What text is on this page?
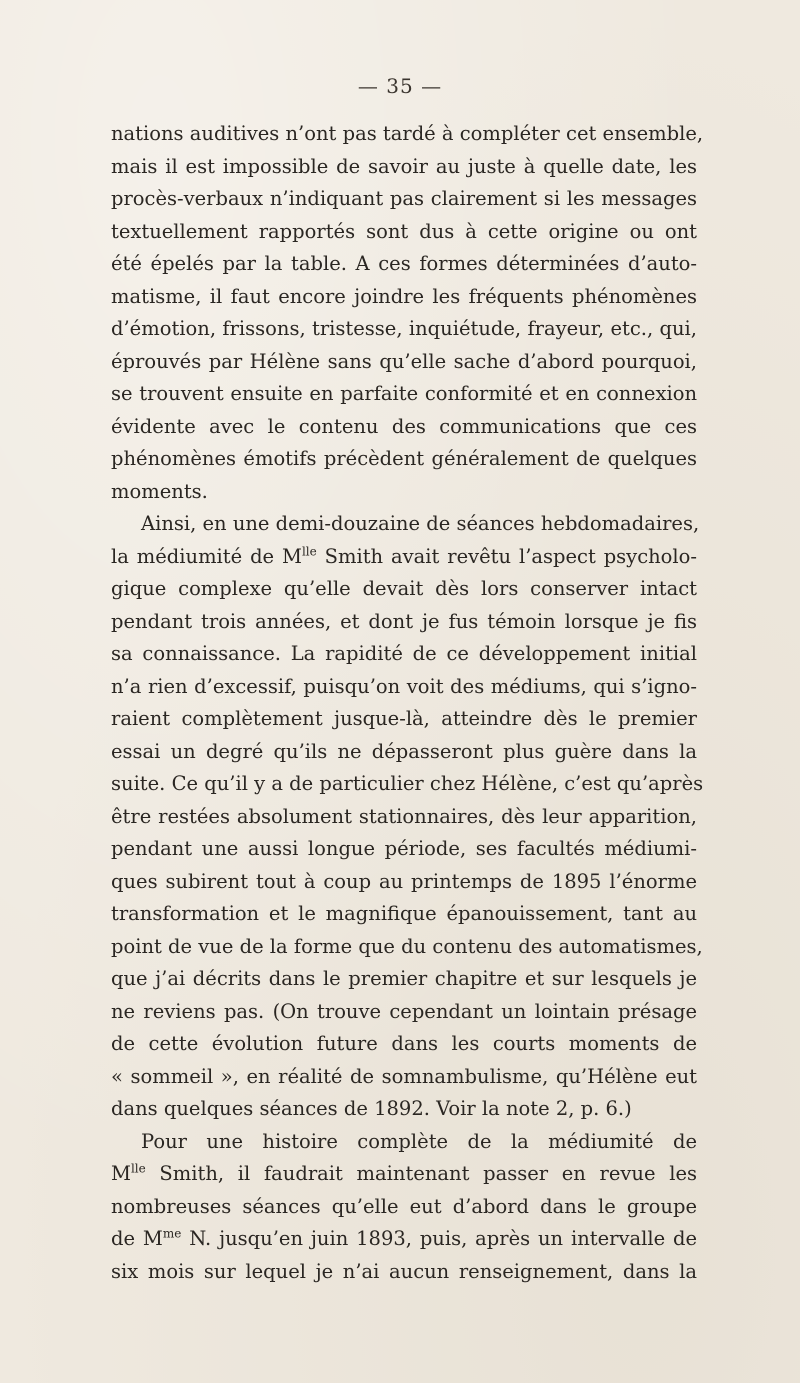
— 35 —
nations auditives n’ont pas tardé à compléter cet ensemble,
mais il est impossible de savoir au juste à quelle date, les
procès-verbaux n’indiquant pas clairement si les messages
textuellement rapportés sont dus à cette origine ou ont
été épelés par la table. A ces formes déterminées d’auto-
matisme, il faut encore joindre les fréquents phénomènes
d’émotion, frissons, tristesse, inquiétude, frayeur, etc., qui,
éprouvés par Hélène sans qu’elle sache d’abord pourquoi,
se trouvent ensuite en parfaite conformité et en connexion
évidente avec le contenu des communications que ces
phénomènes émotifs précèdent généralement de quelques
moments.
Ainsi, en une demi-douzaine de séances hebdomadaires,
la médiumité de $M^{lle}$ Smith avait revêtu l’aspect psycholo-
gique complexe qu’elle devait dès lors conserver intact
pendant trois années, et dont je fus témoin lorsque je fis
sa connaissance. La rapidité de ce développement initial
n’a rien d’excessif, puisqu’on voit des médiums, qui s’igno-
raient complètement jusque-là, atteindre dès le premier
essai un degré qu’ils ne dépasseront plus guère dans la
suite. Ce qu’il y a de particulier chez Hélène, c’est qu’après
être restées absolument stationnaires, dès leur apparition,
pendant une aussi longue période, ses facultés médiumi-
ques subirent tout à coup au printemps de 1895 l’énorme
transformation et le magnifique épanouissement, tant au
point de vue de la forme que du contenu des automatismes,
que j’ai décrits dans le premier chapitre et sur lesquels je
ne reviens pas. (On trouve cependant un lointain présage
de cette évolution future dans les courts moments de
« sommeil », en réalité de somnambulisme, qu’Hélène eut
dans quelques séances de 1892. Voir la note 2, p. 6.)
Pour une histoire complète de la médiumité de
$M^{lle}$ Smith, il faudrait maintenant passer en revue les
nombreuses séances qu’elle eut d’abord dans le groupe
de $M^{me}$ N. jusqu’en juin 1893, puis, après un intervalle de
six mois sur lequel je n’ai aucun renseignement, dans la
